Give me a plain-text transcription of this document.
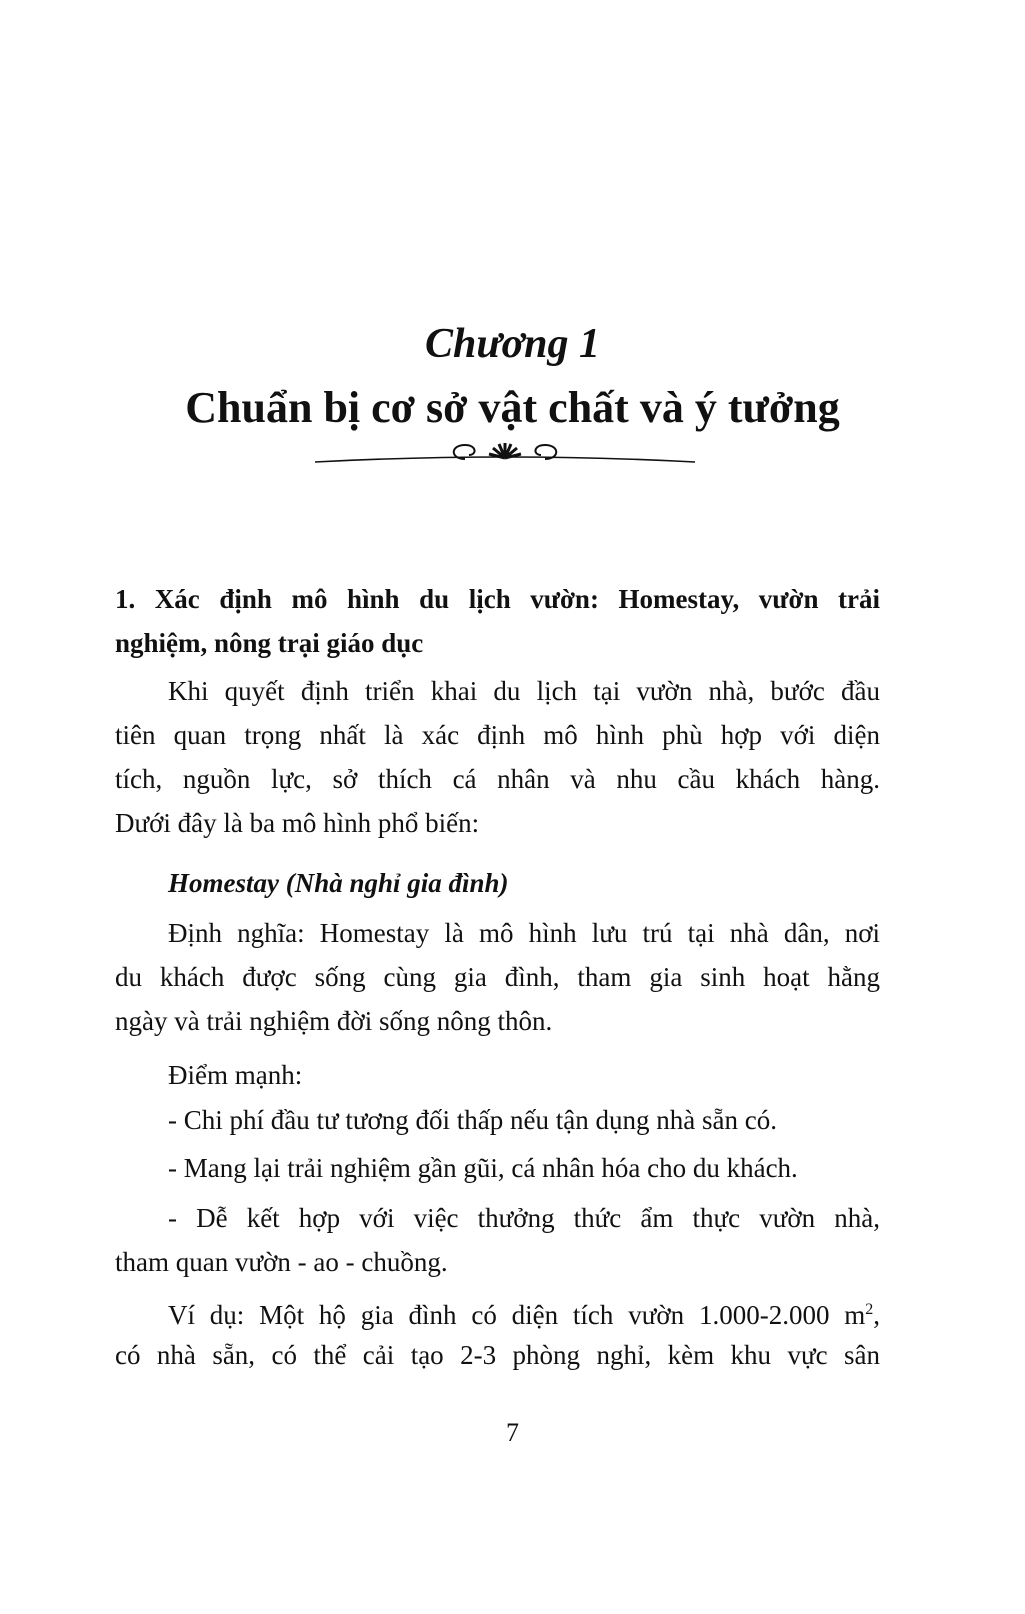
Chương 1
Chuẩn bị cơ sở vật chất và ý tưởng
1. Xác định mô hình du lịch vườn: Homestay, vườn trải
nghiệm, nông trại giáo dục
Khi quyết định triển khai du lịch tại vườn nhà, bước đầu
tiên quan trọng nhất là xác định mô hình phù hợp với diện
tích, nguồn lực, sở thích cá nhân và nhu cầu khách hàng.
Dưới đây là ba mô hình phổ biến:
Homestay (Nhà nghỉ gia đình)
Định nghĩa: Homestay là mô hình lưu trú tại nhà dân, nơi
du khách được sống cùng gia đình, tham gia sinh hoạt hằng
ngày và trải nghiệm đời sống nông thôn.
Điểm mạnh:
- Chi phí đầu tư tương đối thấp nếu tận dụng nhà sẵn có.
- Mang lại trải nghiệm gần gũi, cá nhân hóa cho du khách.
- Dễ kết hợp với việc thưởng thức ẩm thực vườn nhà,
tham quan vườn - ao - chuồng.
Ví dụ: Một hộ gia đình có diện tích vườn 1.000-2.000 $m^2$,
có nhà sẵn, có thể cải tạo 2-3 phòng nghỉ, kèm khu vực sân
7
